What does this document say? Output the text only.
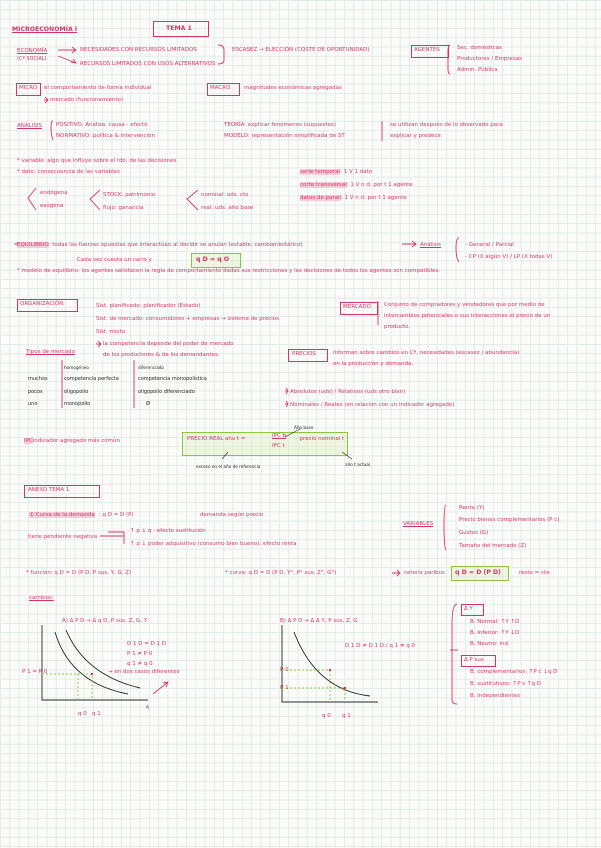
MICROECONOMÍA I	TEMA 1
ECONOMÍA
(Cª SOCIAL)
NECESIDADES CON RECURSOS LIMITADOS
RECURSOS LIMITADOS CON USOS ALTERNATIVOS
ESCASEZ → ELECCIÓN (COSTE DE OPORTUNIDAD)	AGENTES	Sec. domésticas
Productores / Empresas
Admin. Pública
MICRO el comportamiento de forma individual
mercado (funcionamiento)
MACRO magnitudes económicas agregadas
ANÁLISIS	POSITIVO: Analiza, causa - efecto
NORMATIVO: política & intervención
TEORÍA: explicar fenómenos (supuestos)
MODELO: representación simplificada de ST
se utilizan después de lo observado para
explicar y predecir.
* variable: algo que influye sobre el rdo. de las decisiones
* dato: consecuencia de las variables
endógena
exógena
STOCK: patrimonio
flujo: ganancia
nominal: uds. cts
real: uds. año base
serie temporal: 1 V 1 dato
corte transversal: 1 V n d. por t 1 agente
datos de panel: 1 V n d. por t 1 agente
EQUILIBRIO: todas las fuerzas opuestas que interactúan al decidir se anulan (estable, cambiar/estático)	Análisis	- General / Parcial
- CP (X algún V) / LP (X todas V)
Cada vez cuesta un carro y	q D = q O
* modelo de equilibrio: los agentes satisfacen la regla de comportamiento dadas sus restricciones y las decisiones de todos los agentes son compatibles.
ORGANIZACIÓN	Sist. planificado: planificador (Estado)
Sist. de mercado: consumidores + empresas → sistema de precios
Sist. mixto
la competencia depende del poder de mercado
de los productores & de los demandantes.
MERCADO Conjunto de compradores y vendedores que por medio de
intercambios potenciales o sus interacciones el precio de un
producto.
Tipos de mercado
homogéneo	diferenciado
muchos	competencia perfecta	competencia monopolística
pocos	oligopolio	oligopolio diferenciado
uno	monopolio	Ø
PRECIOS	informan sobre cambios en Cª, necesidades (escasez / abundancia)
en la producción y demanda.
Absolutos (uds) / Relativos (uds otro bien)
Nominales / Reales (en relación con un indicador agregado)
IPCindicador agregado más común
Año base
PRECIO REAL año t =	IPC b
IPC t
· precio nominal t
exceso en el año de referencia	año t actual
ANEXO TEMA 1
① Curva de la demanda : q D = D (P)	demanda según precio
tiene pendiente negativa
↑ p ↓ q : efecto sustitución
↑ p ↓ poder adquisitivo (consumo bien bueno): efecto renta
VARIABLES
Renta (Y)
Precio bienes complementarios (P c)
Gustos (G)
Tamaño del mercado (Z)
* función: q D = D (P D, P sus, Y, G, Z)	* curva: q D = D (P D, Y°, P° sus, Z°, G°)	ceteris paribus q D = D (P D)	resto = cte
cambios:
A) ∆ P D → ∆ q D, P sus, Z, G, Y
D 1 D = D 1 D
P 1 ≠ P 0
q 1 ≠ q 0
→ en dos casos diferentes
P 1 = P 0
q
q 0 q 1
B) ∆ P D → ∆ ∆ Y, P sus, Z, G
D 1 D ≠ D 1 D / q 1 ≠ q 0
P 0
P 1
q 0 q 1
∆ Y
B. Normal: ↑Y ↑D
B. Inferior: ↑Y ↓D
B. Neutro: ind.
∆ P sus
B. complementarios: ↑P c ↓q D
B. sustitutivos: ↑P s ↑q D
B. independientes
